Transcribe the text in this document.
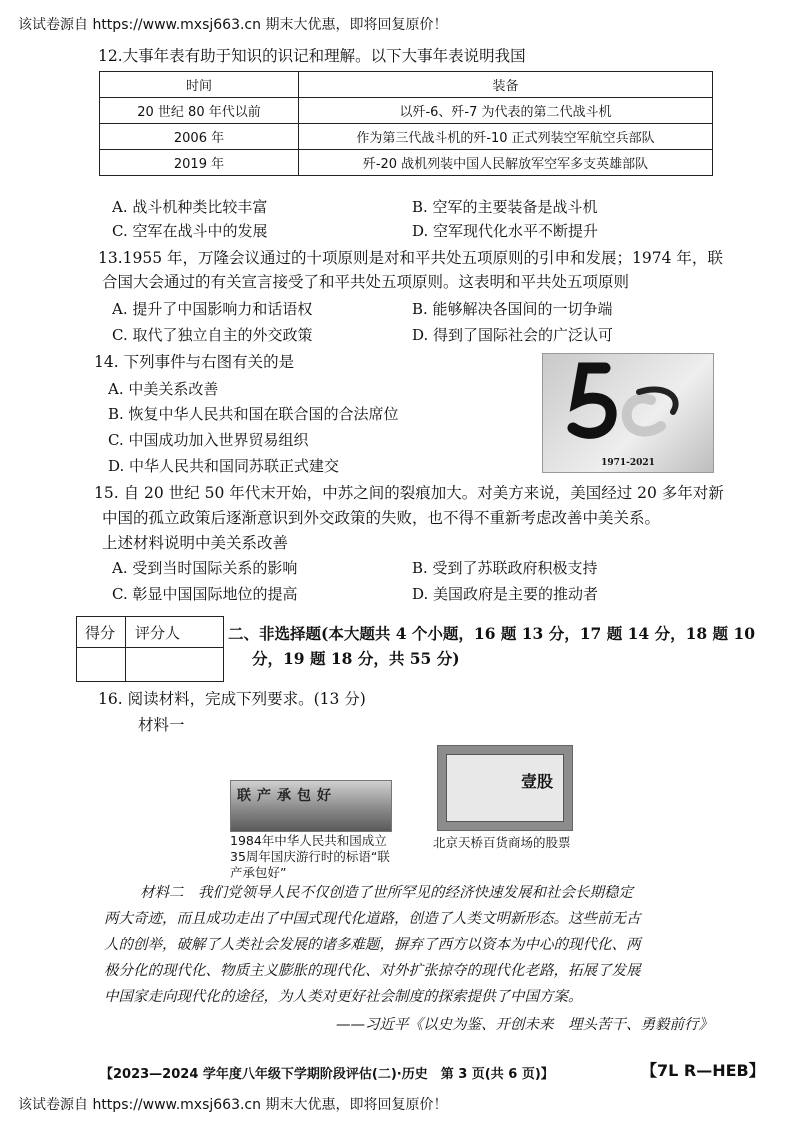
该试卷源自 https://www.mxsj663.cn 期末大优惠，即将回复原价！
12.大事年表有助于知识的识记和理解。以下大事年表说明我国
时间	装备
20 世纪 80 年代以前	以歼-6、歼-7 为代表的第二代战斗机
2006 年	作为第三代战斗机的歼-10 正式列装空军航空兵部队
2019 年	歼-20 战机列装中国人民解放军空军多支英雄部队
A. 战斗机种类比较丰富	B. 空军的主要装备是战斗机
C. 空军在战斗中的发展	D. 空军现代化水平不断提升
13.1955 年，万隆会议通过的十项原则是对和平共处五项原则的引申和发展；1974 年，联
合国大会通过的有关宣言接受了和平共处五项原则。这表明和平共处五项原则
A. 提升了中国影响力和话语权	B. 能够解决各国间的一切争端
C. 取代了独立自主的外交政策	D. 得到了国际社会的广泛认可
14. 下列事件与右图有关的是
A. 中美关系改善
B. 恢复中华人民共和国在联合国的合法席位
C. 中国成功加入世界贸易组织
D. 中华人民共和国同苏联正式建交	1971-2021
15. 自 20 世纪 50 年代末开始，中苏之间的裂痕加大。对美方来说，美国经过 20 多年对新
中国的孤立政策后逐渐意识到外交政策的失败，也不得不重新考虑改善中美关系。
上述材料说明中美关系改善
A. 受到当时国际关系的影响	B. 受到了苏联政府积极支持
C. 彰显中国国际地位的提高	D. 美国政府是主要的推动者
得分 评分人	二、非选择题(本大题共 4 个小题，16 题 13 分，17 题 14 分，18 题 10
分，19 题 18 分，共 55 分)
16. 阅读材料，完成下列要求。(13 分)
材料一
联产承包好
1984年中华人民共和国成立35周年国庆游行时的标语“联产承包好”
壹股
北京天桥百货商场的股票
材料二　我们党领导人民不仅创造了世所罕见的经济快速发展和社会长期稳定
两大奇迹，而且成功走出了中国式现代化道路，创造了人类文明新形态。这些前无古
人的创举，破解了人类社会发展的诸多难题，摒弃了西方以资本为中心的现代化、两
极分化的现代化、物质主义膨胀的现代化、对外扩张掠夺的现代化老路，拓展了发展
中国家走向现代化的途径，为人类对更好社会制度的探索提供了中国方案。
——习近平《以史为鉴、开创未来　埋头苦干、勇毅前行》
【2023—2024 学年度八年级下学期阶段评估(二)·历史　第 3 页(共 6 页)】	【7L R—HEB】
该试卷源自 https://www.mxsj663.cn 期末大优惠，即将回复原价！
